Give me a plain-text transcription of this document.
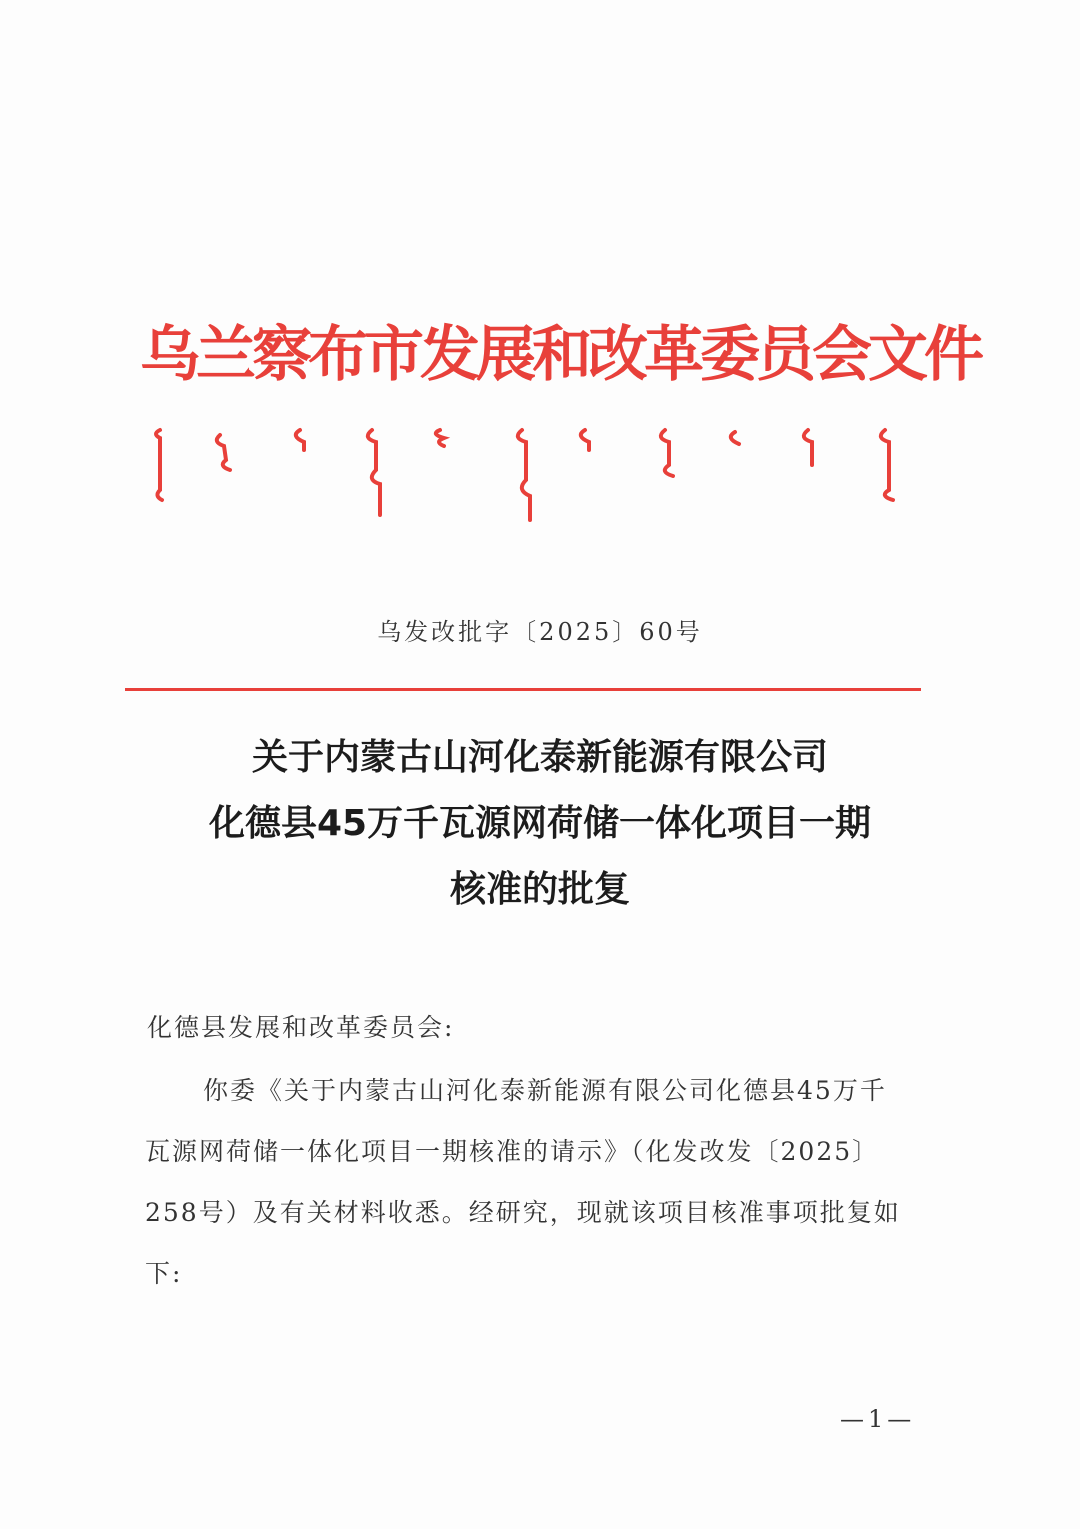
乌兰察布市发展和改革委员会文件
乌发改批字〔2025〕60号
关于内蒙古山河化泰新能源有限公司
化德县45万千瓦源网荷储一体化项目一期
核准的批复
化德县发展和改革委员会:
你委《关于内蒙古山河化泰新能源有限公司化德县45万千
瓦源网荷储一体化项目一期核准的请示》（化发改发〔2025〕
258号）及有关材料收悉。经研究，现就该项目核准事项批复如
下:
—1—
